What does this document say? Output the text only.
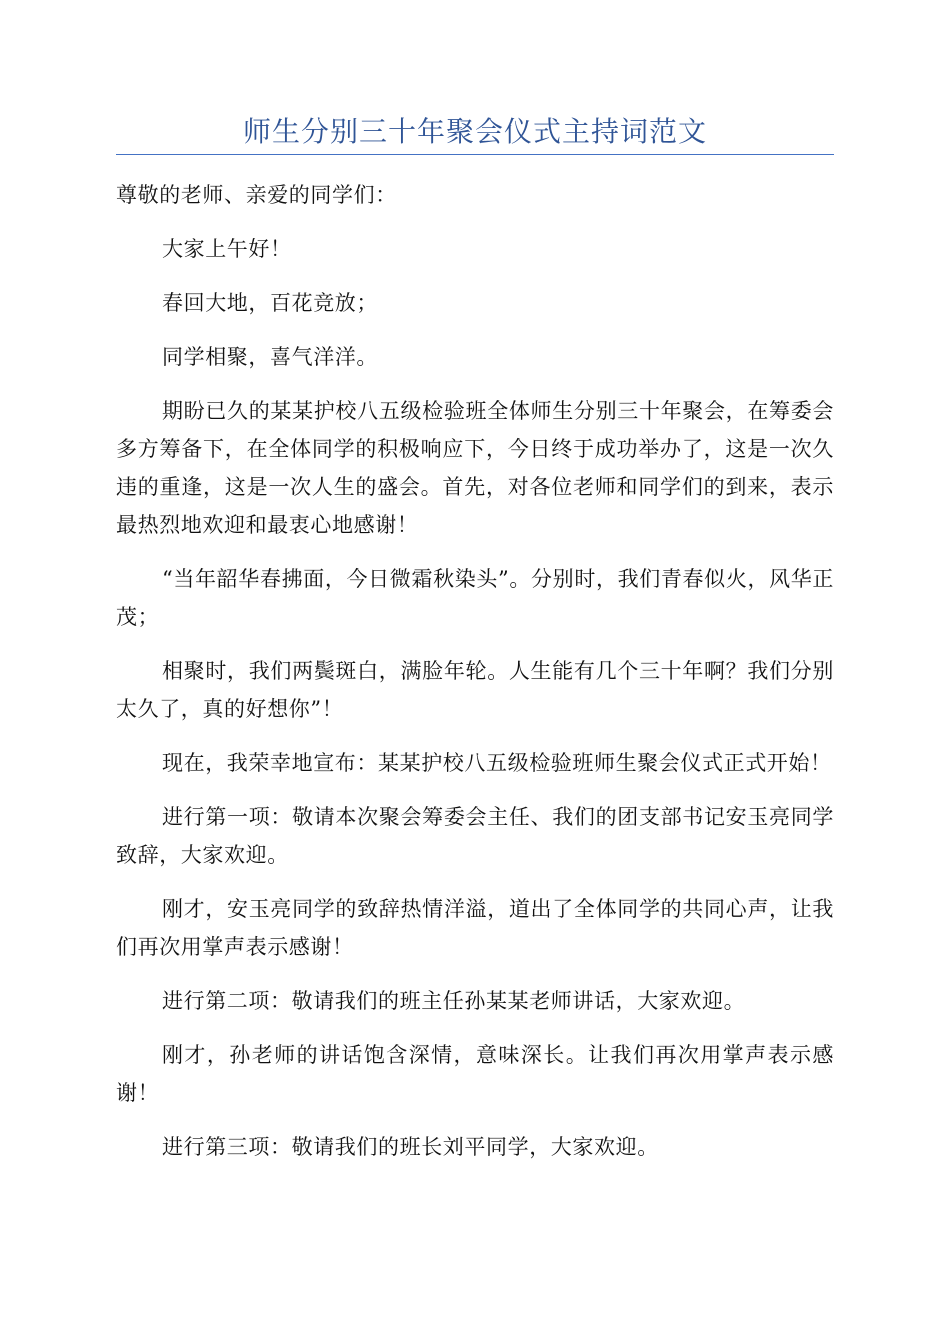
师生分别三十年聚会仪式主持词范文

尊敬的老师、亲爱的同学们：

大家上午好！

春回大地，百花竞放；

同学相聚，喜气洋洋。

期盼已久的某某护校八五级检验班全体师生分别三十年聚会，在筹委会多方筹备下，在全体同学的积极响应下，今日终于成功举办了，这是一次久违的重逢，这是一次人生的盛会。首先，对各位老师和同学们的到来，表示最热烈地欢迎和最衷心地感谢！

“当年韶华春拂面，今日微霜秋染头”。分别时，我们青春似火，风华正茂；

相聚时，我们两鬓斑白，满脸年轮。人生能有几个三十年啊？我们分别太久了，真的好想你”！

现在，我荣幸地宣布：某某护校八五级检验班师生聚会仪式正式开始！

进行第一项：敬请本次聚会筹委会主任、我们的团支部书记安玉亮同学致辞，大家欢迎。

刚才，安玉亮同学的致辞热情洋溢，道出了全体同学的共同心声，让我们再次用掌声表示感谢！

进行第二项：敬请我们的班主任孙某某老师讲话，大家欢迎。

刚才，孙老师的讲话饱含深情，意味深长。让我们再次用掌声表示感谢！

进行第三项：敬请我们的班长刘平同学，大家欢迎。
